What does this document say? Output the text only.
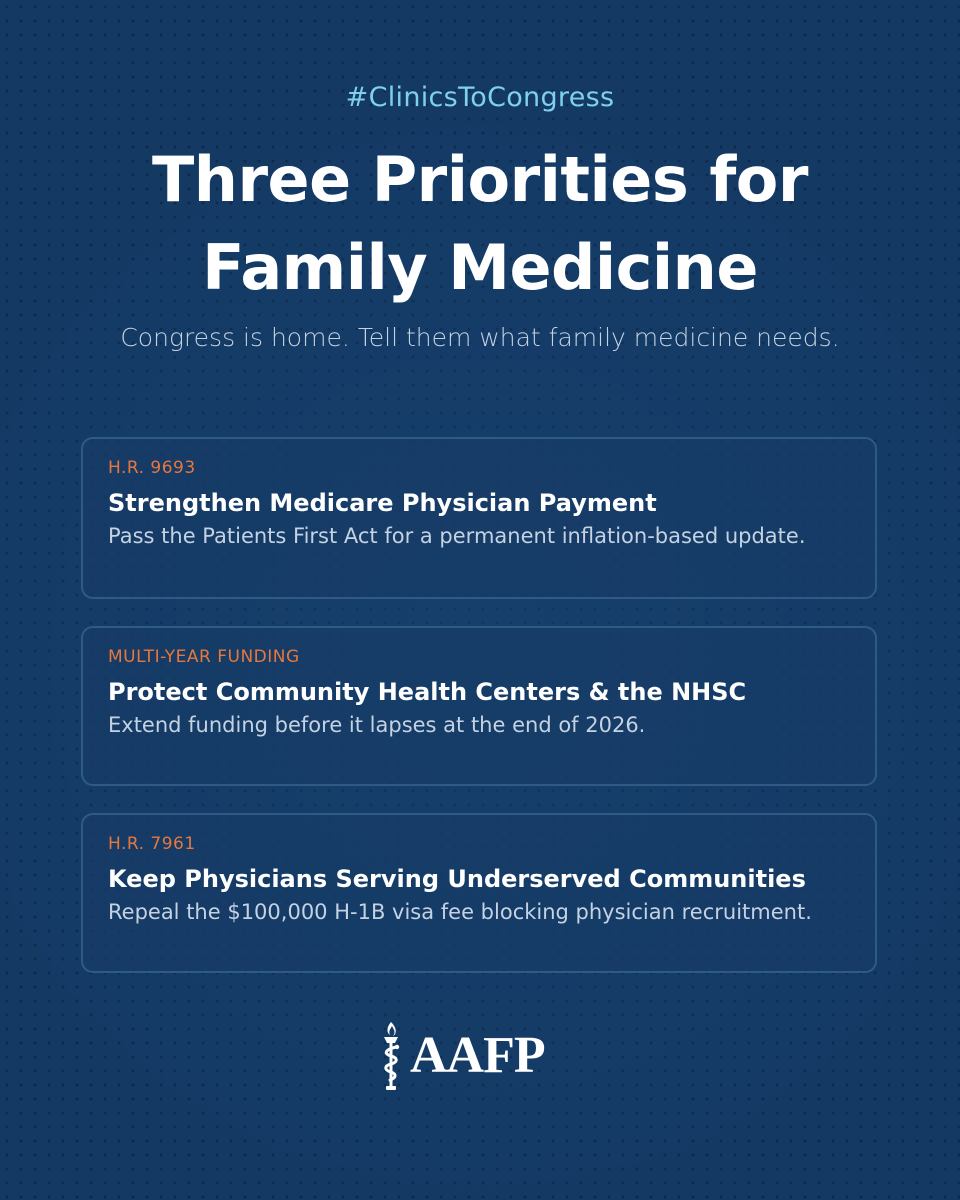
#ClinicsToCongress
Three Priorities for Family Medicine
Congress is home. Tell them what family medicine needs.
H.R. 9693
Strengthen Medicare Physician Payment
Pass the Patients First Act for a permanent inflation-based update.
MULTI-YEAR FUNDING
Protect Community Health Centers & the NHSC
Extend funding before it lapses at the end of 2026.
H.R. 7961
Keep Physicians Serving Underserved Communities
Repeal the $100,000 H-1B visa fee blocking physician recruitment.
AAFP
